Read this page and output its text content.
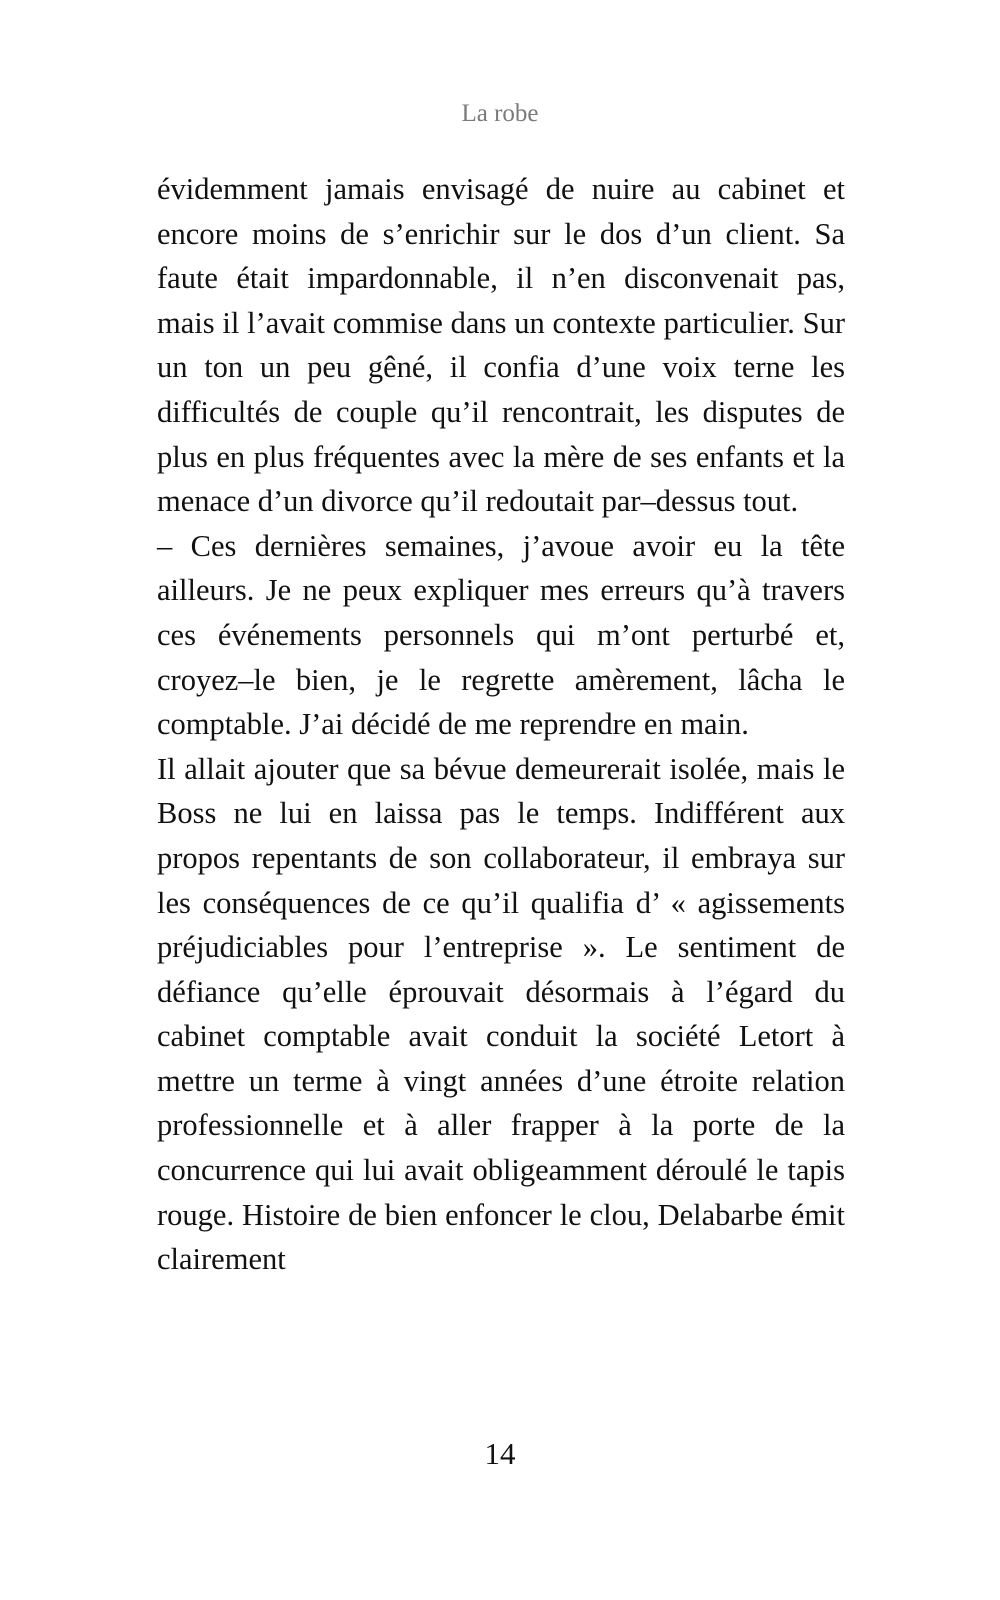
La robe

évidemment jamais envisagé de nuire au cabinet et encore moins de s’enrichir sur le dos d’un client. Sa faute était impardonnable, il n’en disconvenait pas, mais il l’avait commise dans un contexte particulier. Sur un ton un peu gêné, il confia d’une voix terne les difficultés de couple qu’il rencontrait, les disputes de plus en plus fréquentes avec la mère de ses enfants et la menace d’un divorce qu’il redoutait par–dessus tout.

– Ces dernières semaines, j’avoue avoir eu la tête ailleurs. Je ne peux expliquer mes erreurs qu’à travers ces événements personnels qui m’ont perturbé et, croyez–le bien, je le regrette amèrement, lâcha le comptable. J’ai décidé de me reprendre en main.

Il allait ajouter que sa bévue demeurerait isolée, mais le Boss ne lui en laissa pas le temps. Indifférent aux propos repentants de son collaborateur, il embraya sur les conséquences de ce qu’il qualifia d’ « agissements préjudiciables pour l’entreprise ». Le sentiment de défiance qu’elle éprouvait désormais à l’égard du cabinet comptable avait conduit la société Letort à mettre un terme à vingt années d’une étroite relation professionnelle et à aller frapper à la porte de la concurrence qui lui avait obligeamment déroulé le tapis rouge. Histoire de bien enfoncer le clou, Delabarbe émit clairement

14
